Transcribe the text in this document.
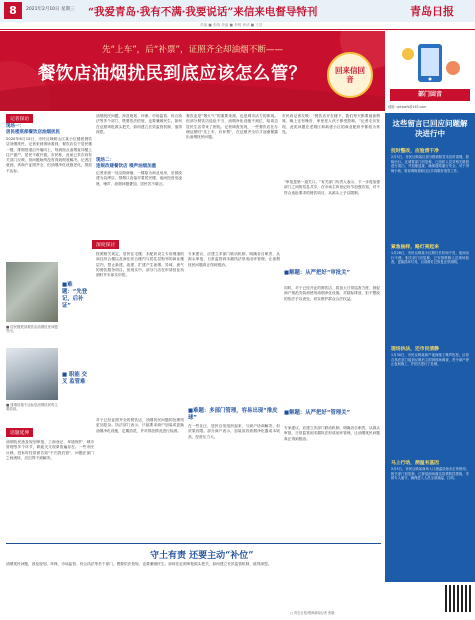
8	2021年2月10日 星期三 “我爱青岛·我有不满·我要说话”来信来电督导特刊	青岛日报
责编 ■ 张晓 美编 ■ 李明 审读 ■ 王浩
先“上车”，后“补票”，证照齐全却油烟不断——
餐饮店油烟扰民到底应该怎么管？	回来信回音
部门回音
邮箱: qdrbwfs@163.com
记者探访
现场一：
居民楼底部餐饮店油烟扰民
2020年6月15日，市民反映崂山区某小区楼底餐饮店油烟扰民，记者来到现场看到，餐饮店位于居民楼一楼，排烟管道沿外墙向上，每到饭点油烟直冲楼上住户窗户，居民不敢开窗。市民称，此前已多次向有关部门反映，但问题始终没有得到彻底解决。记者注意到，该商户证照齐全，但油烟净化设施老化，排放不达标。
油烟扰民问题，涉及规划、环保、市场监管、综合执法等多个部门，既要依法依规，也要兼顾民生。如何在证照审批源头把关，如何建立长效监管机制，值得深思。
现场二：
违规改建餐饮店 噪声油烟加重
记者来到一处沿街商铺，一楼原为商业用房，后被改建为烧烤店，排烟口直接对着居民楼，夜间经营至凌晨，噪声、油烟问题叠加，居民苦不堪言。
餐饮业是“烟火气”的重要来源，也是城市活力的体现。但部分餐饮店选址不当、油烟净化设施不到位，给周边居民生活带来了困扰。记者调查发现，一些餐饮店在办理证照时“先上车、后补票”，在证照齐全后才逐渐暴露出油烟扰民问题。
市民向记者反映：“餐饮店开在楼下，我们每天都要闻油烟味，晚上还有噪音，家里老人孩子都受影响。”记者走访发现，此类问题在老城区和新建小区的商业配套中都较为常见。
深度探讨
■ 居民楼底部餐饮店油烟扰民问题突出。
■难题：“先登记，后补证”
■ 排烟设施不达标是油烟扰民的主要原因。
■ 职能 交叉 监管难
话题延伸
油烟扰民涉及规划审批、工商登记、环境保护、城市管理等多个环节，职能交叉现象普遍存在。一些市民反映，投诉时经常被告知“不归我们管”，问题在部门之间流转，迟迟得不到解决。
按照相关规定，居民住宅楼、未配套设立专用烟道的商住综合楼以及商住综合楼内与居住层相邻的商业楼层内，禁止新建、改建、扩建产生油烟、异味、废气的餐饮服务项目。但现实中，部分门店在申请营业执照时并未如实申报。
对于已经证照齐全的餐饮店，油烟扰民问题的处理则更加复杂。执法部门表示，只能要求商户加装或更换油烟净化设施，定期清洗，并对排放情况进行检测。
专家建议，应建立多部门联动机制，明确各自职责，从源头审批、日常监管到末端执法形成闭环管理，让油烟扰民问题真正得到根治。
■难题：多部门管理，容易出现“推皮球”
在一些社区，居民自发组织起来，与商户协商解决，但效果有限。部分商户表示，加装高效油烟净化器成本较高，经营压力大。
“审批是第一道关口。”有关部门负责人表示，下一步将加强部门之间的信息共享，在市场主体登记环节加强告知，对不符合选址要求的餐饮项目，从源头上予以限制。
■解题：从严把好“审批关”
同时，对于已经开业的餐饮店，将加大日常巡查力度，督促商户规范安装和使用油烟净化设施，对超标排放、拒不整改的依法予以查处，切实维护群众合法权益。
■解题：从严把好“管理关”
专家建议，应建立多部门联动机制，明确各自职责，从源头审批、日常监管到末端执法形成闭环管理，让油烟扰民问题真正得到根治。
守土有责 还要主动“补位”
油烟扰民问题，涉及规划、环保、市场监管、综合执法等多个部门，既要依法依规，也要兼顾民生。如何在证照审批源头把关，如何建立长效监管机制，值得深思。
□ 青岛日报/观海新闻记者 张晓
这些留言已回应问题解决进行中
抚时整改，应验清干净
2月3日，市民反映某区部分路段积雪未及时清理，影响出行。区城管部门回复称，已组织人员对相关路段进行清扫，并加强巡查，确保道路通行安全。对于背街小巷，将协调街道和社区共同做好清雪工作。
紧急抽样，路灯亮起来
1月28日，市民反映某小区路灯长时间不亮，夜间出行不便。相关部门回复称，已安排维修人员现场检查，更换损坏灯具，目前路灯已恢复正常照明。
现场执法，还市民清静
1月30日，市民反映某商户夜间施工噪声扰民。区综合执法部门接到反映后立即到现场调查，责令商户停止夜间施工，并依法进行了处理。
马上行动，测温有基因
2月5日，市民反映某商场入口测温设备未正常使用。相关部门回复称，已督促商场落实疫情防控措施，安排专人值守，确保进入人员全部测温、扫码。
